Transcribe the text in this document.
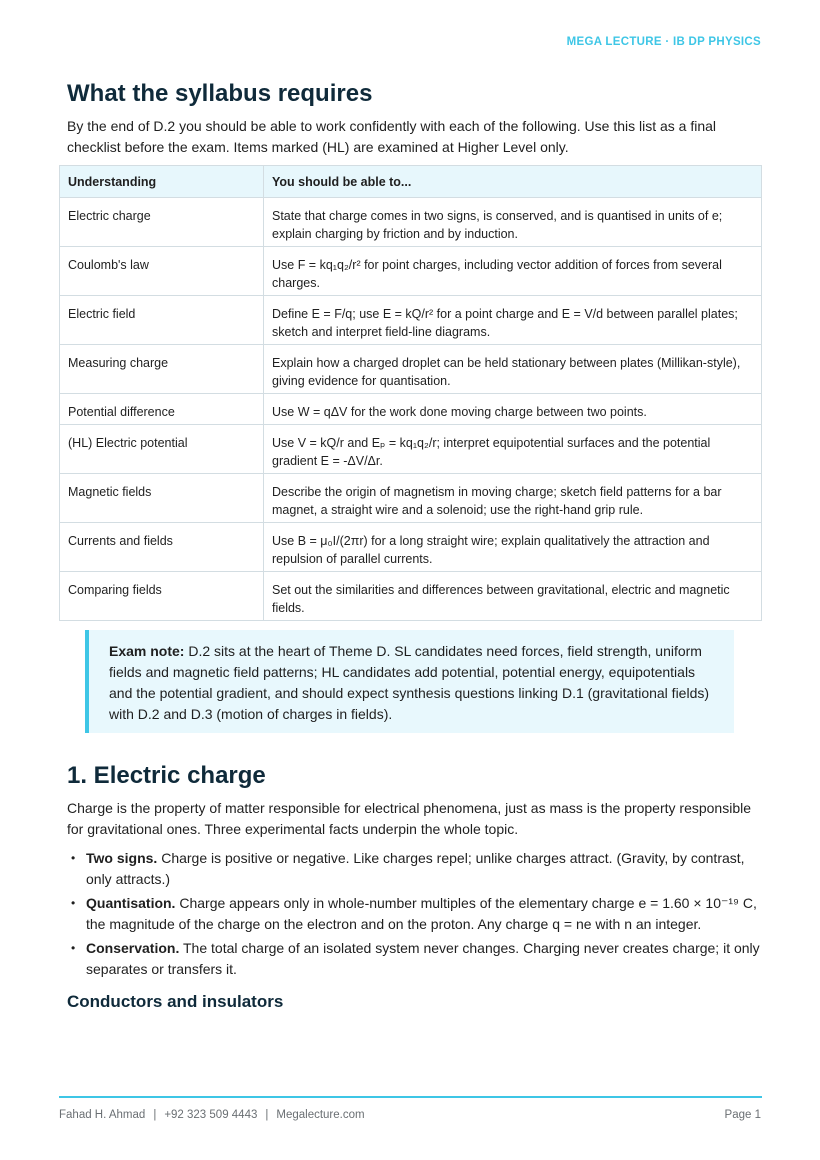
MEGA LECTURE · IB DP PHYSICS
What the syllabus requires

By the end of D.2 you should be able to work confidently with each of the following. Use this list as a final checklist before the exam. Items marked (HL) are examined at Higher Level only.

Understanding	You should be able to...
Electric charge	State that charge comes in two signs, is conserved, and is quantised in units of e; explain charging by friction and by induction.
Coulomb's law	Use F = kq₁q₂/r² for point charges, including vector addition of forces from several charges.
Electric field	Define E = F/q; use E = kQ/r² for a point charge and E = V/d between parallel plates; sketch and interpret field-line diagrams.
Measuring charge	Explain how a charged droplet can be held stationary between plates (Millikan-style), giving evidence for quantisation.
Potential difference	Use W = qΔV for the work done moving charge between two points.
(HL) Electric potential	Use V = kQ/r and Eₚ = kq₁q₂/r; interpret equipotential surfaces and the potential gradient E = -ΔV/Δr.
Magnetic fields	Describe the origin of magnetism in moving charge; sketch field patterns for a bar magnet, a straight wire and a solenoid; use the right-hand grip rule.
Currents and fields	Use B = μ₀I/(2πr) for a long straight wire; explain qualitatively the attraction and repulsion of parallel currents.
Comparing fields	Set out the similarities and differences between gravitational, electric and magnetic fields.
Exam note: D.2 sits at the heart of Theme D. SL candidates need forces, field strength, uniform fields and magnetic field patterns; HL candidates add potential, potential energy, equipotentials and the potential gradient, and should expect synthesis questions linking D.1 (gravitational fields) with D.2 and D.3 (motion of charges in fields).
1. Electric charge

Charge is the property of matter responsible for electrical phenomena, just as mass is the property responsible for gravitational ones. Three experimental facts underpin the whole topic.

• Two signs. Charge is positive or negative. Like charges repel; unlike charges attract. (Gravity, by contrast, only attracts.)
• Quantisation. Charge appears only in whole-number multiples of the elementary charge e = 1.60 × 10⁻¹⁹ C, the magnitude of the charge on the electron and on the proton. Any charge q = ne with n an integer.
• Conservation. The total charge of an isolated system never changes. Charging never creates charge; it only separates or transfers it.
Conductors and insulators
Fahad H. Ahmad | +92 323 509 4443 | Megalecture.com	Page 1
